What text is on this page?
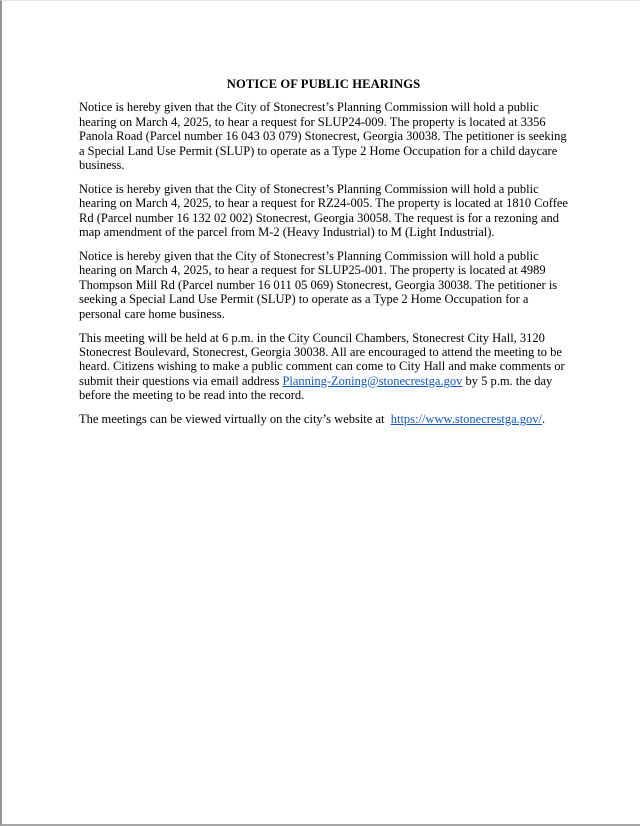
NOTICE OF PUBLIC HEARINGS

Notice is hereby given that the City of Stonecrest’s Planning Commission will hold a public hearing on March 4, 2025, to hear a request for SLUP24-009. The property is located at 3356 Panola Road (Parcel number 16 043 03 079) Stonecrest, Georgia 30038. The petitioner is seeking a Special Land Use Permit (SLUP) to operate as a Type 2 Home Occupation for a child daycare business.

Notice is hereby given that the City of Stonecrest’s Planning Commission will hold a public hearing on March 4, 2025, to hear a request for RZ24-005. The property is located at 1810 Coffee Rd (Parcel number 16 132 02 002) Stonecrest, Georgia 30058. The request is for a rezoning and map amendment of the parcel from M-2 (Heavy Industrial) to M (Light Industrial).

Notice is hereby given that the City of Stonecrest’s Planning Commission will hold a public hearing on March 4, 2025, to hear a request for SLUP25-001. The property is located at 4989 Thompson Mill Rd (Parcel number 16 011 05 069) Stonecrest, Georgia 30038. The petitioner is seeking a Special Land Use Permit (SLUP) to operate as a Type 2 Home Occupation for a personal care home business.

This meeting will be held at 6 p.m. in the City Council Chambers, Stonecrest City Hall, 3120 Stonecrest Boulevard, Stonecrest, Georgia 30038. All are encouraged to attend the meeting to be heard. Citizens wishing to make a public comment can come to City Hall and make comments or submit their questions via email address Planning-Zoning@stonecrestga.gov by 5 p.m. the day before the meeting to be read into the record.

The meetings can be viewed virtually on the city’s website at  https://www.stonecrestga.gov/.
